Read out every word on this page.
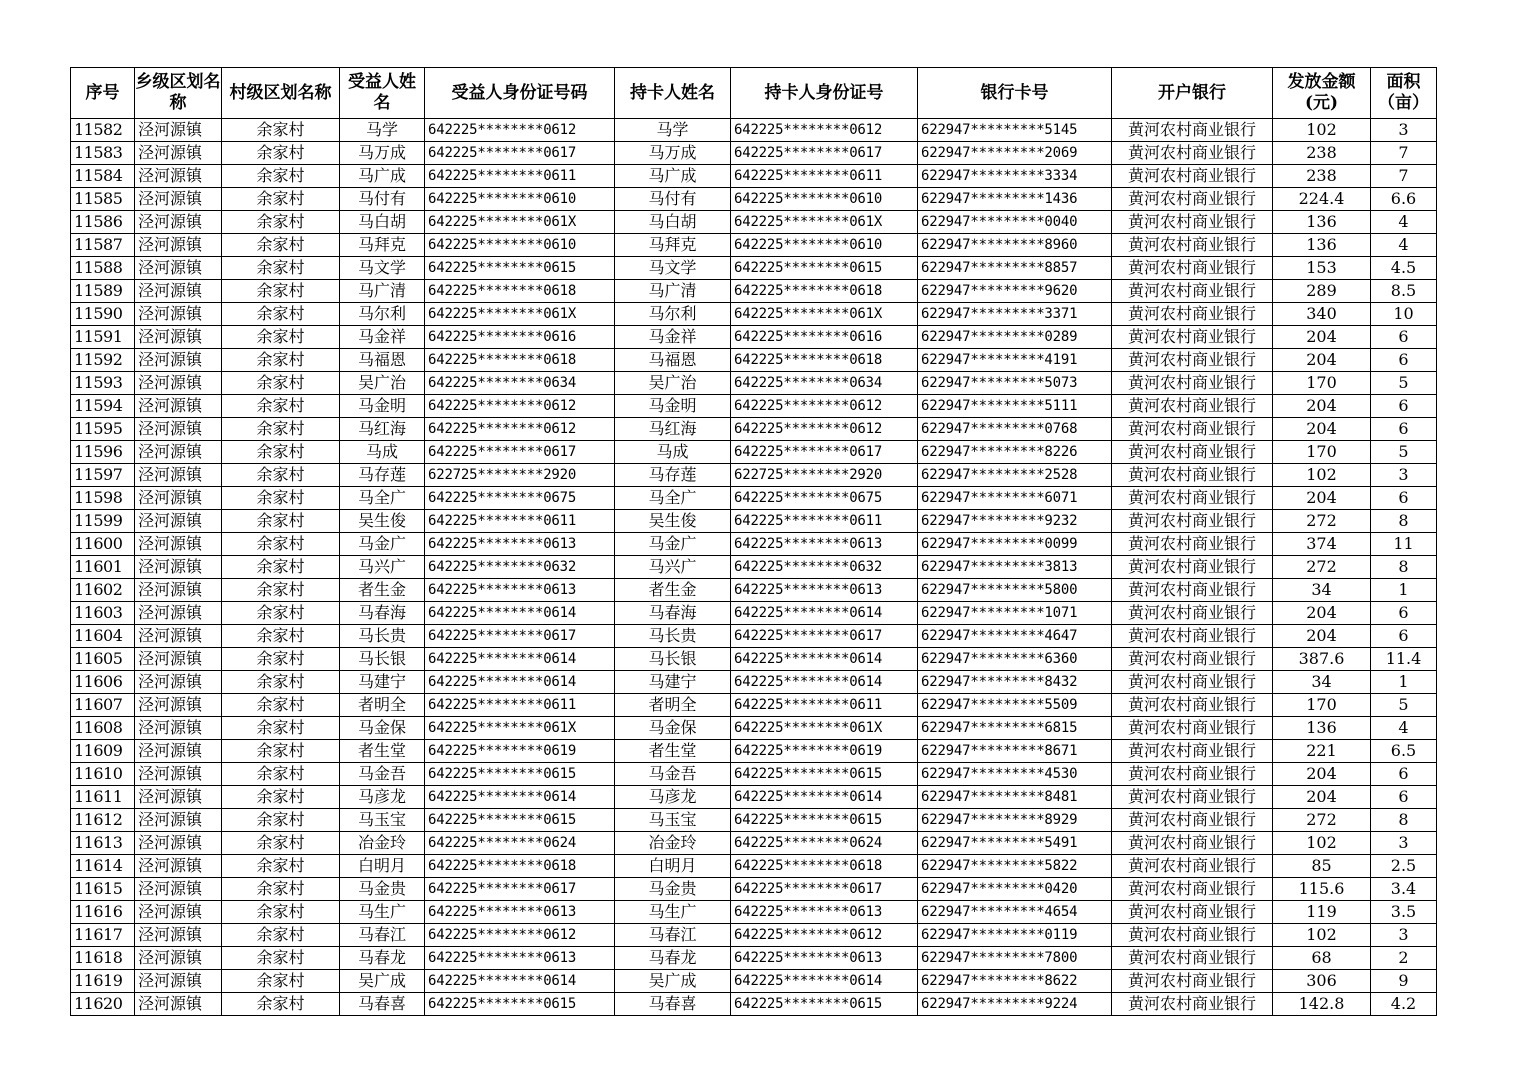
序号	乡级区划名称	村级区划名称	受益人姓名	受益人身份证号码	持卡人姓名	持卡人身份证号	银行卡号	开户银行	发放金额(元)	面积（亩）
11582	泾河源镇	余家村	马学	642225********0612	马学	642225********0612	622947*********5145	黄河农村商业银行	102	3
11583	泾河源镇	余家村	马万成	642225********0617	马万成	642225********0617	622947*********2069	黄河农村商业银行	238	7
11584	泾河源镇	余家村	马广成	642225********0611	马广成	642225********0611	622947*********3334	黄河农村商业银行	238	7
11585	泾河源镇	余家村	马付有	642225********0610	马付有	642225********0610	622947*********1436	黄河农村商业银行	224.4	6.6
11586	泾河源镇	余家村	马白胡	642225********061X	马白胡	642225********061X	622947*********0040	黄河农村商业银行	136	4
11587	泾河源镇	余家村	马拜克	642225********0610	马拜克	642225********0610	622947*********8960	黄河农村商业银行	136	4
11588	泾河源镇	余家村	马文学	642225********0615	马文学	642225********0615	622947*********8857	黄河农村商业银行	153	4.5
11589	泾河源镇	余家村	马广清	642225********0618	马广清	642225********0618	622947*********9620	黄河农村商业银行	289	8.5
11590	泾河源镇	余家村	马尔利	642225********061X	马尔利	642225********061X	622947*********3371	黄河农村商业银行	340	10
11591	泾河源镇	余家村	马金祥	642225********0616	马金祥	642225********0616	622947*********0289	黄河农村商业银行	204	6
11592	泾河源镇	余家村	马福恩	642225********0618	马福恩	642225********0618	622947*********4191	黄河农村商业银行	204	6
11593	泾河源镇	余家村	吴广治	642225********0634	吴广治	642225********0634	622947*********5073	黄河农村商业银行	170	5
11594	泾河源镇	余家村	马金明	642225********0612	马金明	642225********0612	622947*********5111	黄河农村商业银行	204	6
11595	泾河源镇	余家村	马红海	642225********0612	马红海	642225********0612	622947*********0768	黄河农村商业银行	204	6
11596	泾河源镇	余家村	马成	642225********0617	马成	642225********0617	622947*********8226	黄河农村商业银行	170	5
11597	泾河源镇	余家村	马存莲	622725********2920	马存莲	622725********2920	622947*********2528	黄河农村商业银行	102	3
11598	泾河源镇	余家村	马全广	642225********0675	马全广	642225********0675	622947*********6071	黄河农村商业银行	204	6
11599	泾河源镇	余家村	吴生俊	642225********0611	吴生俊	642225********0611	622947*********9232	黄河农村商业银行	272	8
11600	泾河源镇	余家村	马金广	642225********0613	马金广	642225********0613	622947*********0099	黄河农村商业银行	374	11
11601	泾河源镇	余家村	马兴广	642225********0632	马兴广	642225********0632	622947*********3813	黄河农村商业银行	272	8
11602	泾河源镇	余家村	者生金	642225********0613	者生金	642225********0613	622947*********5800	黄河农村商业银行	34	1
11603	泾河源镇	余家村	马春海	642225********0614	马春海	642225********0614	622947*********1071	黄河农村商业银行	204	6
11604	泾河源镇	余家村	马长贵	642225********0617	马长贵	642225********0617	622947*********4647	黄河农村商业银行	204	6
11605	泾河源镇	余家村	马长银	642225********0614	马长银	642225********0614	622947*********6360	黄河农村商业银行	387.6	11.4
11606	泾河源镇	余家村	马建宁	642225********0614	马建宁	642225********0614	622947*********8432	黄河农村商业银行	34	1
11607	泾河源镇	余家村	者明全	642225********0611	者明全	642225********0611	622947*********5509	黄河农村商业银行	170	5
11608	泾河源镇	余家村	马金保	642225********061X	马金保	642225********061X	622947*********6815	黄河农村商业银行	136	4
11609	泾河源镇	余家村	者生堂	642225********0619	者生堂	642225********0619	622947*********8671	黄河农村商业银行	221	6.5
11610	泾河源镇	余家村	马金吾	642225********0615	马金吾	642225********0615	622947*********4530	黄河农村商业银行	204	6
11611	泾河源镇	余家村	马彦龙	642225********0614	马彦龙	642225********0614	622947*********8481	黄河农村商业银行	204	6
11612	泾河源镇	余家村	马玉宝	642225********0615	马玉宝	642225********0615	622947*********8929	黄河农村商业银行	272	8
11613	泾河源镇	余家村	冶金玲	642225********0624	冶金玲	642225********0624	622947*********5491	黄河农村商业银行	102	3
11614	泾河源镇	余家村	白明月	642225********0618	白明月	642225********0618	622947*********5822	黄河农村商业银行	85	2.5
11615	泾河源镇	余家村	马金贵	642225********0617	马金贵	642225********0617	622947*********0420	黄河农村商业银行	115.6	3.4
11616	泾河源镇	余家村	马生广	642225********0613	马生广	642225********0613	622947*********4654	黄河农村商业银行	119	3.5
11617	泾河源镇	余家村	马春江	642225********0612	马春江	642225********0612	622947*********0119	黄河农村商业银行	102	3
11618	泾河源镇	余家村	马春龙	642225********0613	马春龙	642225********0613	622947*********7800	黄河农村商业银行	68	2
11619	泾河源镇	余家村	吴广成	642225********0614	吴广成	642225********0614	622947*********8622	黄河农村商业银行	306	9
11620	泾河源镇	余家村	马春喜	642225********0615	马春喜	642225********0615	622947*********9224	黄河农村商业银行	142.8	4.2
